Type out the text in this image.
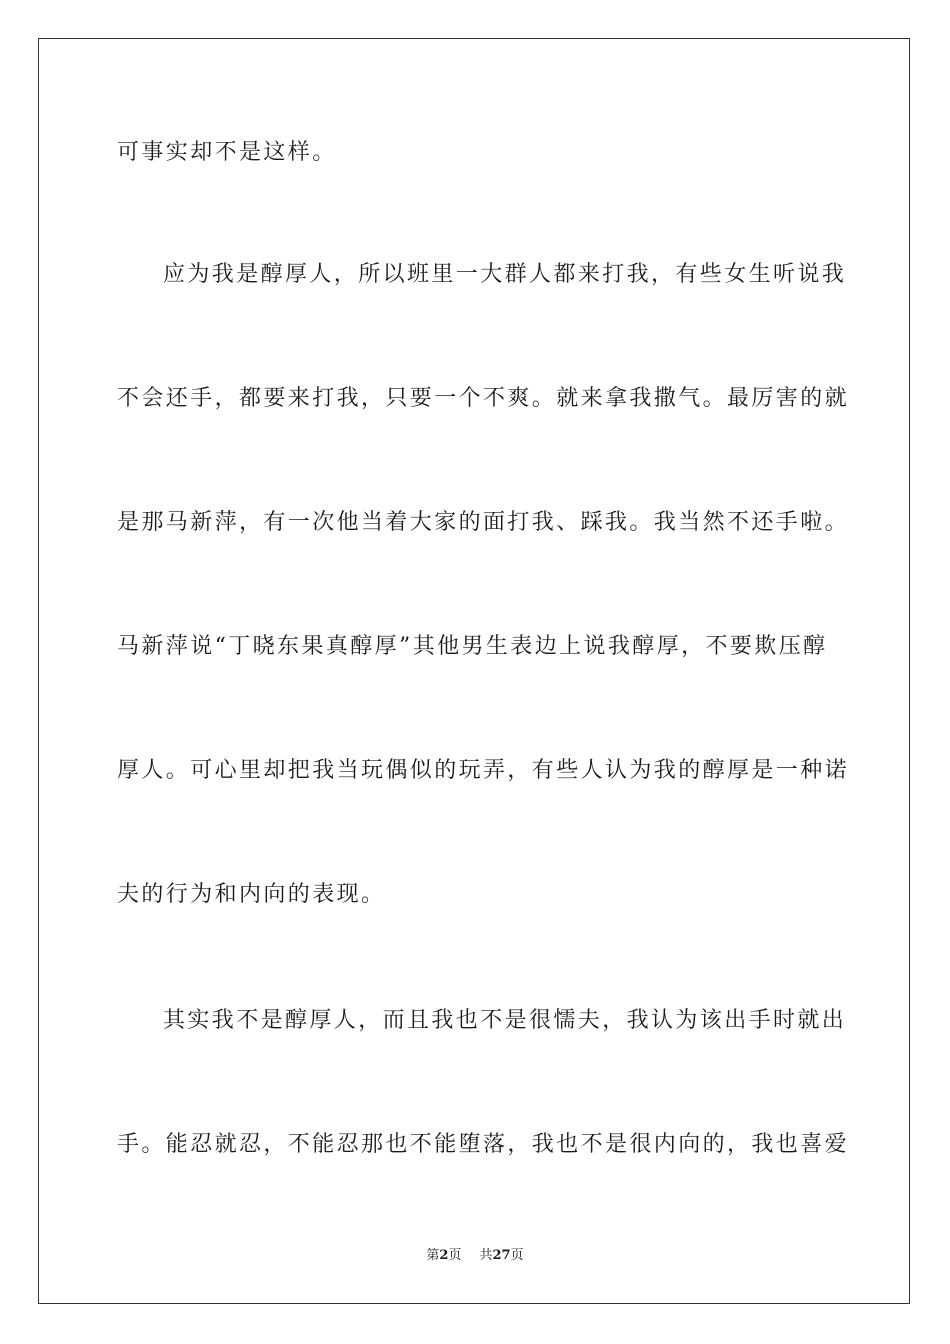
可事实却不是这样。
应为我是醇厚人，所以班里一大群人都来打我，有些女生听说我
不会还手，都要来打我，只要一个不爽。就来拿我撒气。最厉害的就
是那马新萍，有一次他当着大家的面打我、踩我。我当然不还手啦。
马新萍说“丁晓东果真醇厚”其他男生表边上说我醇厚，不要欺压醇
厚人。可心里却把我当玩偶似的玩弄，有些人认为我的醇厚是一种诺
夫的行为和内向的表现。
其实我不是醇厚人，而且我也不是很懦夫，我认为该出手时就出
手。能忍就忍，不能忍那也不能堕落，我也不是很内向的，我也喜爱
第2页 共27页
